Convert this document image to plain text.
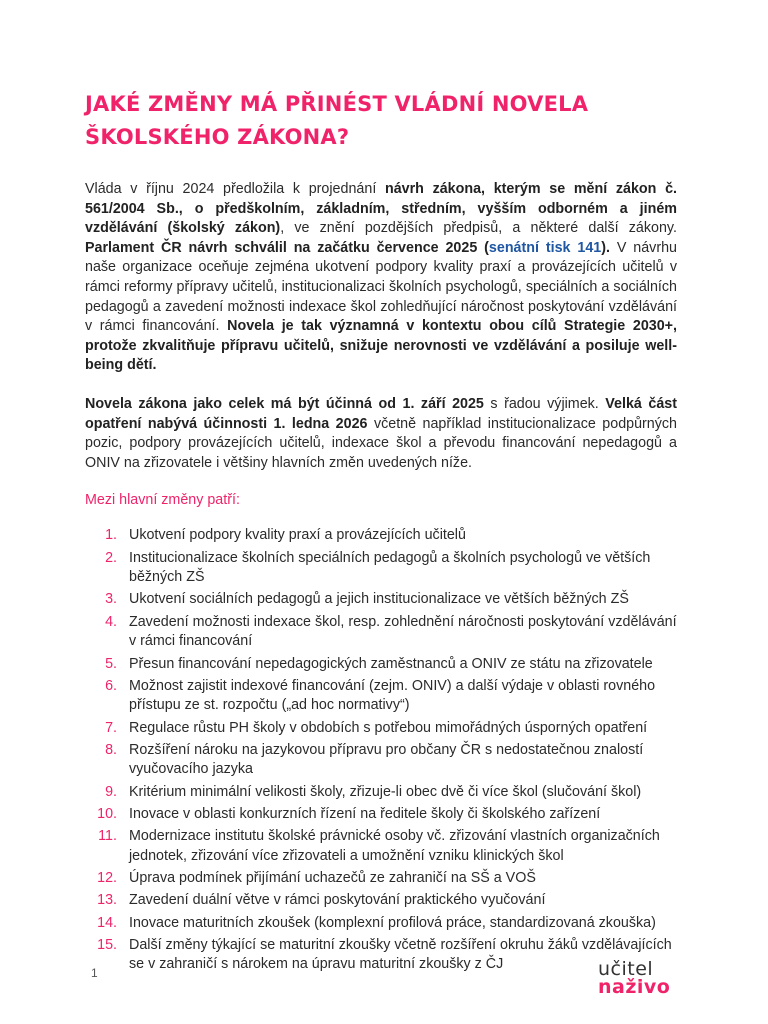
JAKÉ ZMĚNY MÁ PŘINÉST VLÁDNÍ NOVELA ŠKOLSKÉHO ZÁKONA?

Vláda v říjnu 2024 předložila k projednání návrh zákona, kterým se mění zákon č. 561/2004 Sb., o předškolním, základním, středním, vyšším odborném a jiném vzdělávání (školský zákon), ve znění pozdějších předpisů, a některé další zákony. Parlament ČR návrh schválil na začátku července 2025 (senátní tisk 141). V návrhu naše organizace oceňuje zejména ukotvení podpory kvality praxí a provázejících učitelů v rámci reformy přípravy učitelů, institucionalizaci školních psychologů, speciálních a sociálních pedagogů a zavedení možnosti indexace škol zohledňující náročnost poskytování vzdělávání v rámci financování. Novela je tak významná v kontextu obou cílů Strategie 2030+, protože zkvalitňuje přípravu učitelů, snižuje nerovnosti ve vzdělávání a posiluje well-being dětí.

Novela zákona jako celek má být účinná od 1. září 2025 s řadou výjimek. Velká část opatření nabývá účinnosti 1. ledna 2026 včetně například institucionalizace podpůrných pozic, podpory provázejících učitelů, indexace škol a převodu financování nepedagogů a ONIV na zřizovatele i většiny hlavních změn uvedených níže.

Mezi hlavní změny patří:
1. Ukotvení podpory kvality praxí a provázejících učitelů
2. Institucionalizace školních speciálních pedagogů a školních psychologů ve větších běžných ZŠ
3. Ukotvení sociálních pedagogů a jejich institucionalizace ve větších běžných ZŠ
4. Zavedení možnosti indexace škol, resp. zohlednění náročnosti poskytování vzdělávání v rámci financování
5. Přesun financování nepedagogických zaměstnanců a ONIV ze státu na zřizovatele
6. Možnost zajistit indexové financování (zejm. ONIV) a další výdaje v oblasti rovného přístupu ze st. rozpočtu („ad hoc normativy“)
7. Regulace růstu PH školy v obdobích s potřebou mimořádných úsporných opatření
8. Rozšíření nároku na jazykovou přípravu pro občany ČR s nedostatečnou znalostí vyučovacího jazyka
9. Kritérium minimální velikosti školy, zřizuje-li obec dvě či více škol (slučování škol)
10. Inovace v oblasti konkurzních řízení na ředitele školy či školského zařízení
11. Modernizace institutu školské právnické osoby vč. zřizování vlastních organizačních jednotek, zřizování více zřizovateli a umožnění vzniku klinických škol
12. Úprava podmínek přijímání uchazečů ze zahraničí na SŠ a VOŠ
13. Zavedení duální větve v rámci poskytování praktického vyučování
14. Inovace maturitních zkoušek (komplexní profilová práce, standardizovaná zkouška)
15. Další změny týkající se maturitní zkoušky včetně rozšíření okruhu žáků vzdělávajících se v zahraničí s nárokem na úpravu maturitní zkoušky z ČJ
1	učitel
naživo
